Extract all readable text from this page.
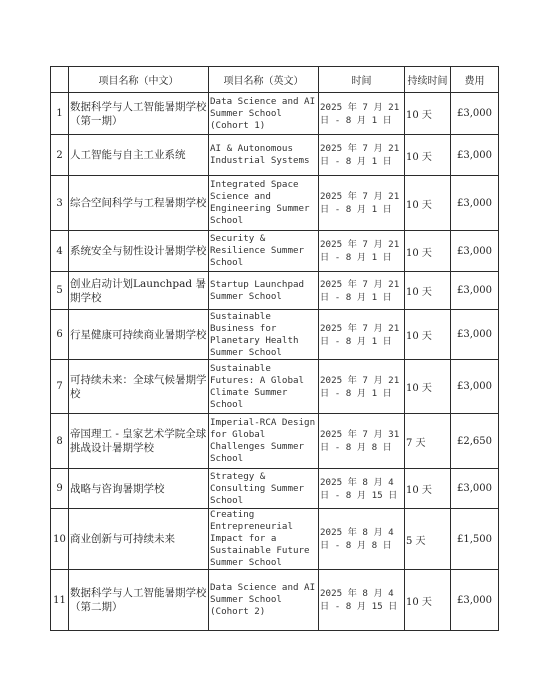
	项目名称（中文）	项目名称（英文）	时间	持续时间	费用
1	数据科学与人工智能暑期学校（第一期）	Data Science and AI Summer School (Cohort 1)	2025 年 7 月 21 日 - 8 月 1 日	10 天	£3,000
2	人工智能与自主工业系统	AI & Autonomous Industrial Systems	2025 年 7 月 21 日 - 8 月 1 日	10 天	£3,000
3	综合空间科学与工程暑期学校	Integrated Space Science and Engineering Summer School	2025 年 7 月 21 日 - 8 月 1 日	10 天	£3,000
4	系统安全与韧性设计暑期学校	Security & Resilience Summer School	2025 年 7 月 21 日 - 8 月 1 日	10 天	£3,000
5	创业启动计划Launchpad 暑期学校	Startup Launchpad Summer School	2025 年 7 月 21 日 - 8 月 1 日	10 天	£3,000
6	行星健康可持续商业暑期学校	Sustainable Business for Planetary Health Summer School	2025 年 7 月 21 日 - 8 月 1 日	10 天	£3,000
7	可持续未来：全球气候暑期学校	Sustainable Futures: A Global Climate Summer School	2025 年 7 月 21 日 - 8 月 1 日	10 天	£3,000
8	帝国理工 - 皇家艺术学院全球挑战设计暑期学校	Imperial-RCA Design for Global Challenges Summer School	2025 年 7 月 31 日 - 8 月 8 日	7 天	£2,650
9	战略与咨询暑期学校	Strategy & Consulting Summer School	2025 年 8 月 4 日 - 8 月 15 日	10 天	£3,000
10	商业创新与可持续未来	Creating Entrepreneurial Impact for a Sustainable Future Summer School	2025 年 8 月 4 日 - 8 月 8 日	5 天	£1,500
11	数据科学与人工智能暑期学校（第二期）	Data Science and AI Summer School (Cohort 2)	2025 年 8 月 4 日 - 8 月 15 日	10 天	£3,000
